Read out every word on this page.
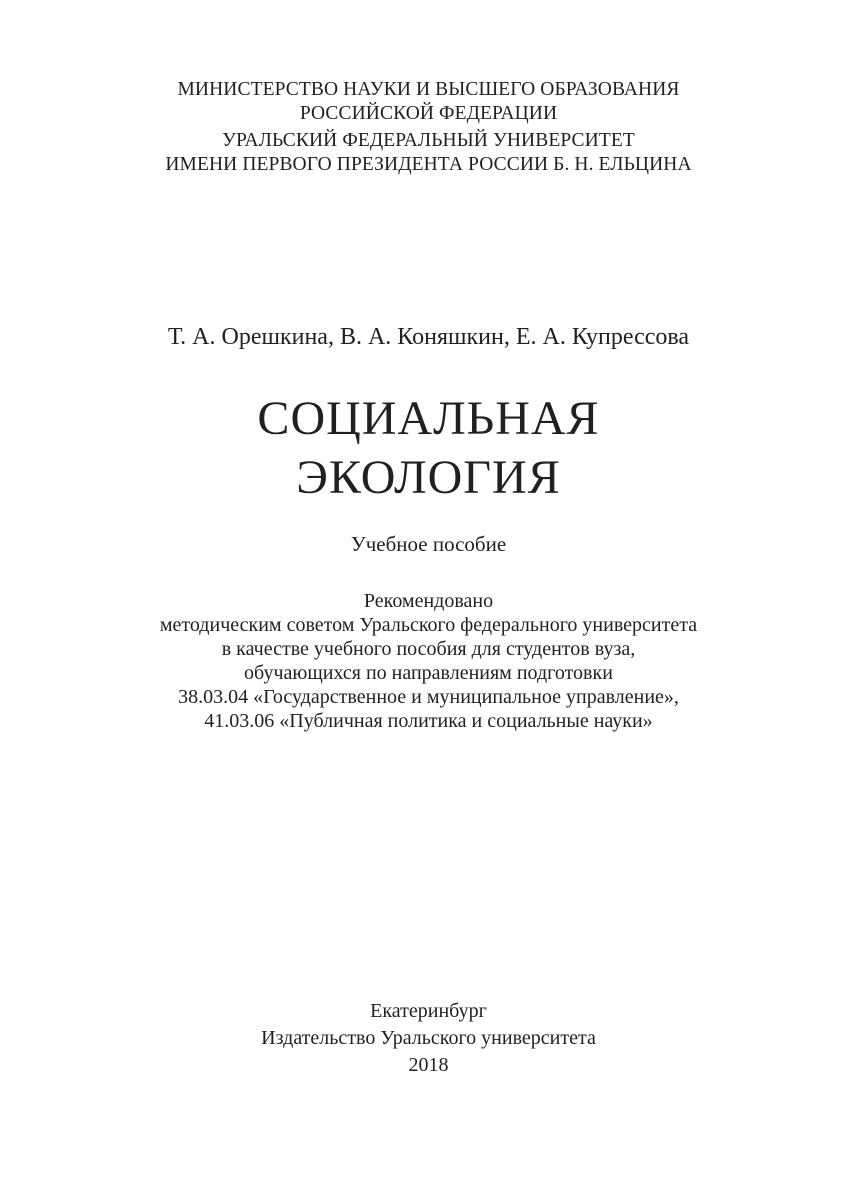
МИНИСТЕРСТВО НАУКИ И ВЫСШЕГО ОБРАЗОВАНИЯ
РОССИЙСКОЙ ФЕДЕРАЦИИ
УРАЛЬСКИЙ ФЕДЕРАЛЬНЫЙ УНИВЕРСИТЕТ
ИМЕНИ ПЕРВОГО ПРЕЗИДЕНТА РОССИИ Б. Н. ЕЛЬЦИНА
Т. А. Орешкина, В. А. Коняшкин, Е. А. Купрессова
СОЦИАЛЬНАЯ
ЭКОЛОГИЯ
Учебное пособие
Рекомендовано
методическим советом Уральского федерального университета
в качестве учебного пособия для студентов вуза,
обучающихся по направлениям подготовки
38.03.04 «Государственное и муниципальное управление»,
41.03.06 «Публичная политика и социальные науки»
Екатеринбург
Издательство Уральского университета
2018
